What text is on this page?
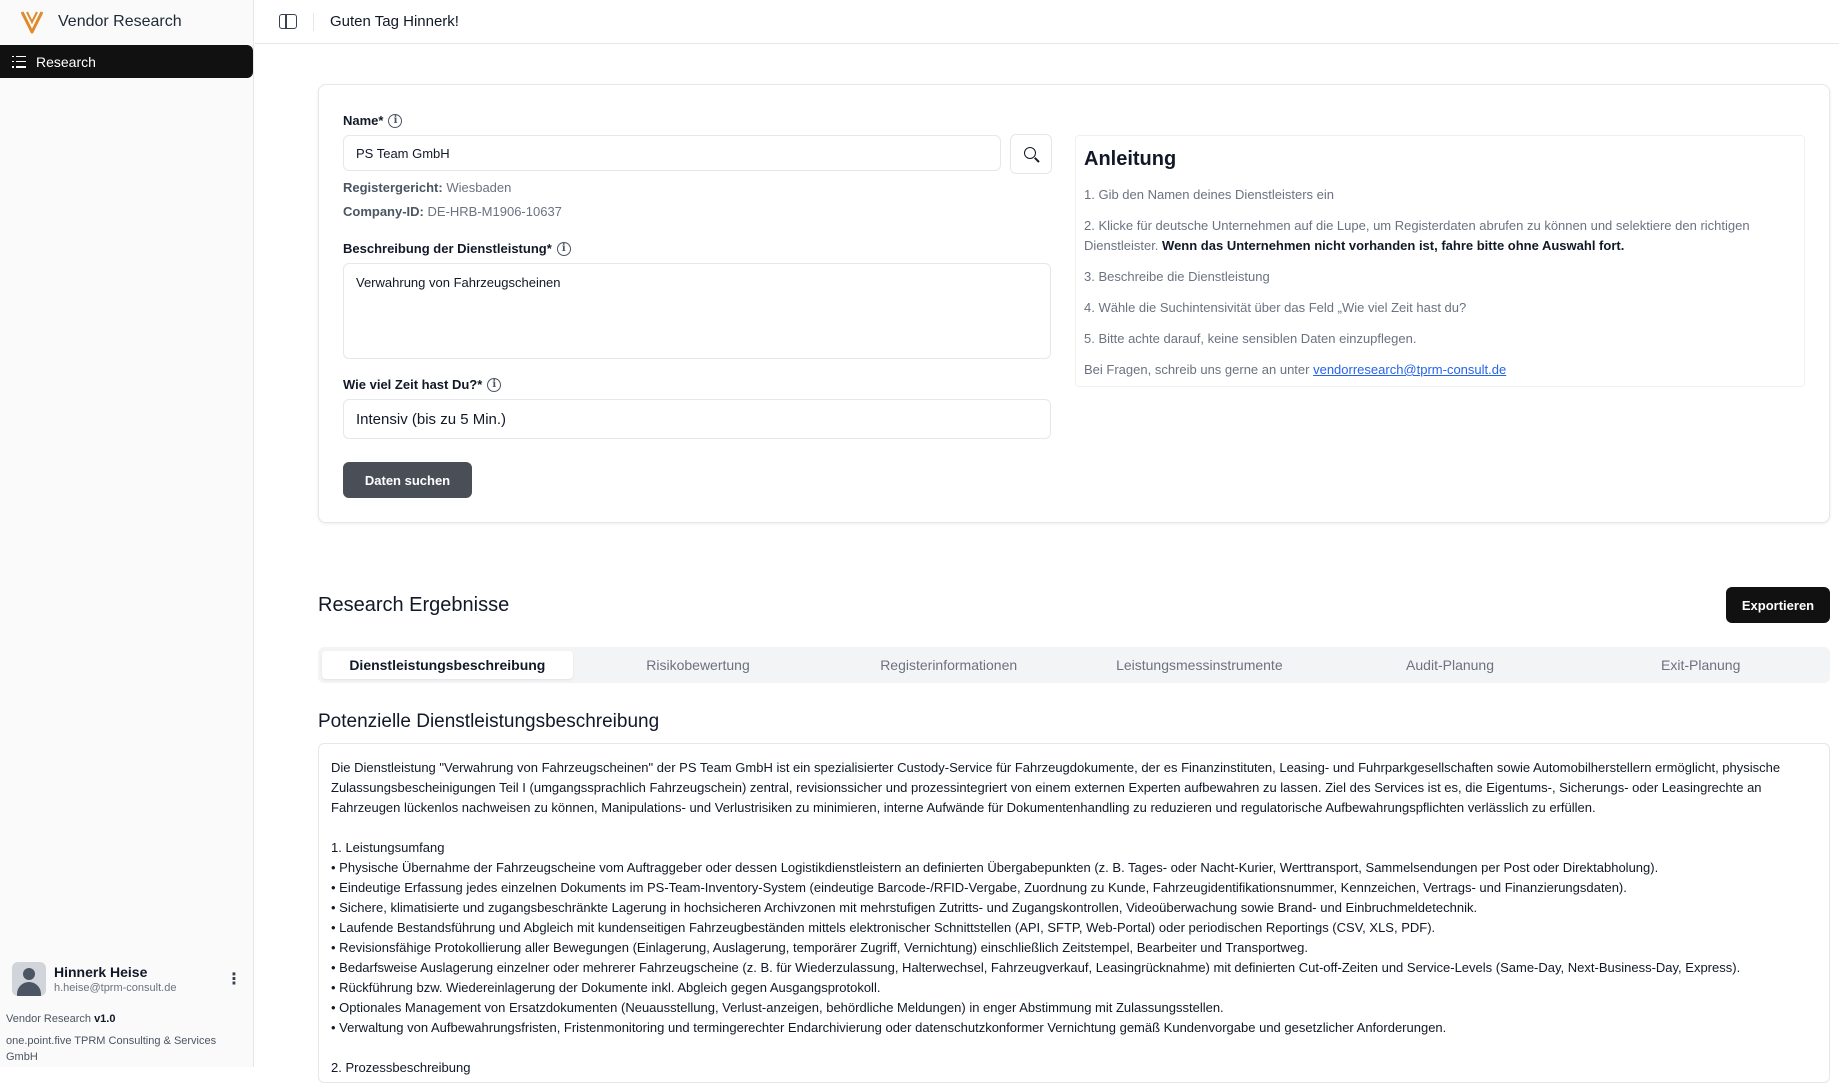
Vendor Research
Research
Hinnerk Heise
h.heise@tprm-consult.de	⋮
Vendor Research v1.0
one.point.five TPRM Consulting & Services GmbH
Guten Tag Hinnerk!
Name*	i
PS Team GmbH
Registergericht: Wiesbaden
Company-ID: DE-HRB-M1906-10637
Beschreibung der Dienstleistung*	i
Verwahrung von Fahrzeugscheinen
Wie viel Zeit hast Du?*	i
Intensiv (bis zu 5 Min.)
Daten suchen
Anleitung

1. Gib den Namen deines Dienstleisters ein

2. Klicke für deutsche Unternehmen auf die Lupe, um Registerdaten abrufen zu können und selektiere den richtigen Dienstleister. Wenn das Unternehmen nicht vorhanden ist, fahre bitte ohne Auswahl fort.

3. Beschreibe die Dienstleistung

4. Wähle die Suchintensivität über das Feld „Wie viel Zeit hast du?

5. Bitte achte darauf, keine sensiblen Daten einzupflegen.

Bei Fragen, schreib uns gerne an unter vendorresearch@tprm-consult.de

Research Ergebnisse	Exportieren
Dienstleistungsbeschreibung	Risikobewertung	Registerinformationen	Leistungsmessinstrumente	Audit-Planung	Exit-Planung
Potenzielle Dienstleistungsbeschreibung

Die Dienstleistung "Verwahrung von Fahrzeugscheinen" der PS Team GmbH ist ein spezialisierter Custody-Service für Fahrzeugdokumente, der es Finanzinstituten, Leasing- und Fuhrparkgesellschaften sowie Automobilherstellern ermöglicht, physische Zulassungsbescheinigungen Teil I (umgangssprachlich Fahrzeugschein) zentral, revisionssicher und prozessintegriert von einem externen Experten aufbewahren zu lassen. Ziel des Services ist es, die Eigentums-, Sicherungs- oder Leasingrechte an Fahrzeugen lückenlos nachweisen zu können, Manipulations- und Verlustrisiken zu minimieren, interne Aufwände für Dokumentenhandling zu reduzieren und regulatorische Aufbewahrungspflichten verlässlich zu erfüllen.

1. Leistungsumfang
• Physische Übernahme der Fahrzeugscheine vom Auftraggeber oder dessen Logistikdienstleistern an definierten Übergabepunkten (z. B. Tages- oder Nacht-Kurier, Werttransport, Sammelsendungen per Post oder Direktabholung).
• Eindeutige Erfassung jedes einzelnen Dokuments im PS-Team-Inventory-System (eindeutige Barcode-/RFID-Vergabe, Zuordnung zu Kunde, Fahrzeugidentifikationsnummer, Kennzeichen, Vertrags- und Finanzierungsdaten).
• Sichere, klimatisierte und zugangsbeschränkte Lagerung in hochsicheren Archivzonen mit mehrstufigen Zutritts- und Zugangskontrollen, Videoüberwachung sowie Brand- und Einbruchmeldetechnik.
• Laufende Bestandsführung und Abgleich mit kundenseitigen Fahrzeugbeständen mittels elektronischer Schnittstellen (API, SFTP, Web-Portal) oder periodischen Reportings (CSV, XLS, PDF).
• Revisionsfähige Protokollierung aller Bewegungen (Einlagerung, Auslagerung, temporärer Zugriff, Vernichtung) einschließlich Zeitstempel, Bearbeiter und Transportweg.
• Bedarfsweise Auslagerung einzelner oder mehrerer Fahrzeugscheine (z. B. für Wiederzulassung, Halterwechsel, Fahrzeugverkauf, Leasingrücknahme) mit definierten Cut-off-Zeiten und Service-Levels (Same-Day, Next-Business-Day, Express).
• Rückführung bzw. Wiedereinlagerung der Dokumente inkl. Abgleich gegen Ausgangsprotokoll.
• Optionales Management von Ersatzdokumenten (Neuausstellung, Verlust-anzeigen, behördliche Meldungen) in enger Abstimmung mit Zulassungsstellen.
• Verwaltung von Aufbewahrungsfristen, Fristenmonitoring und termingerechter Endarchivierung oder datenschutzkonformer Vernichtung gemäß Kundenvorgabe und gesetzlicher Anforderungen.
2. Prozessbeschreibung
